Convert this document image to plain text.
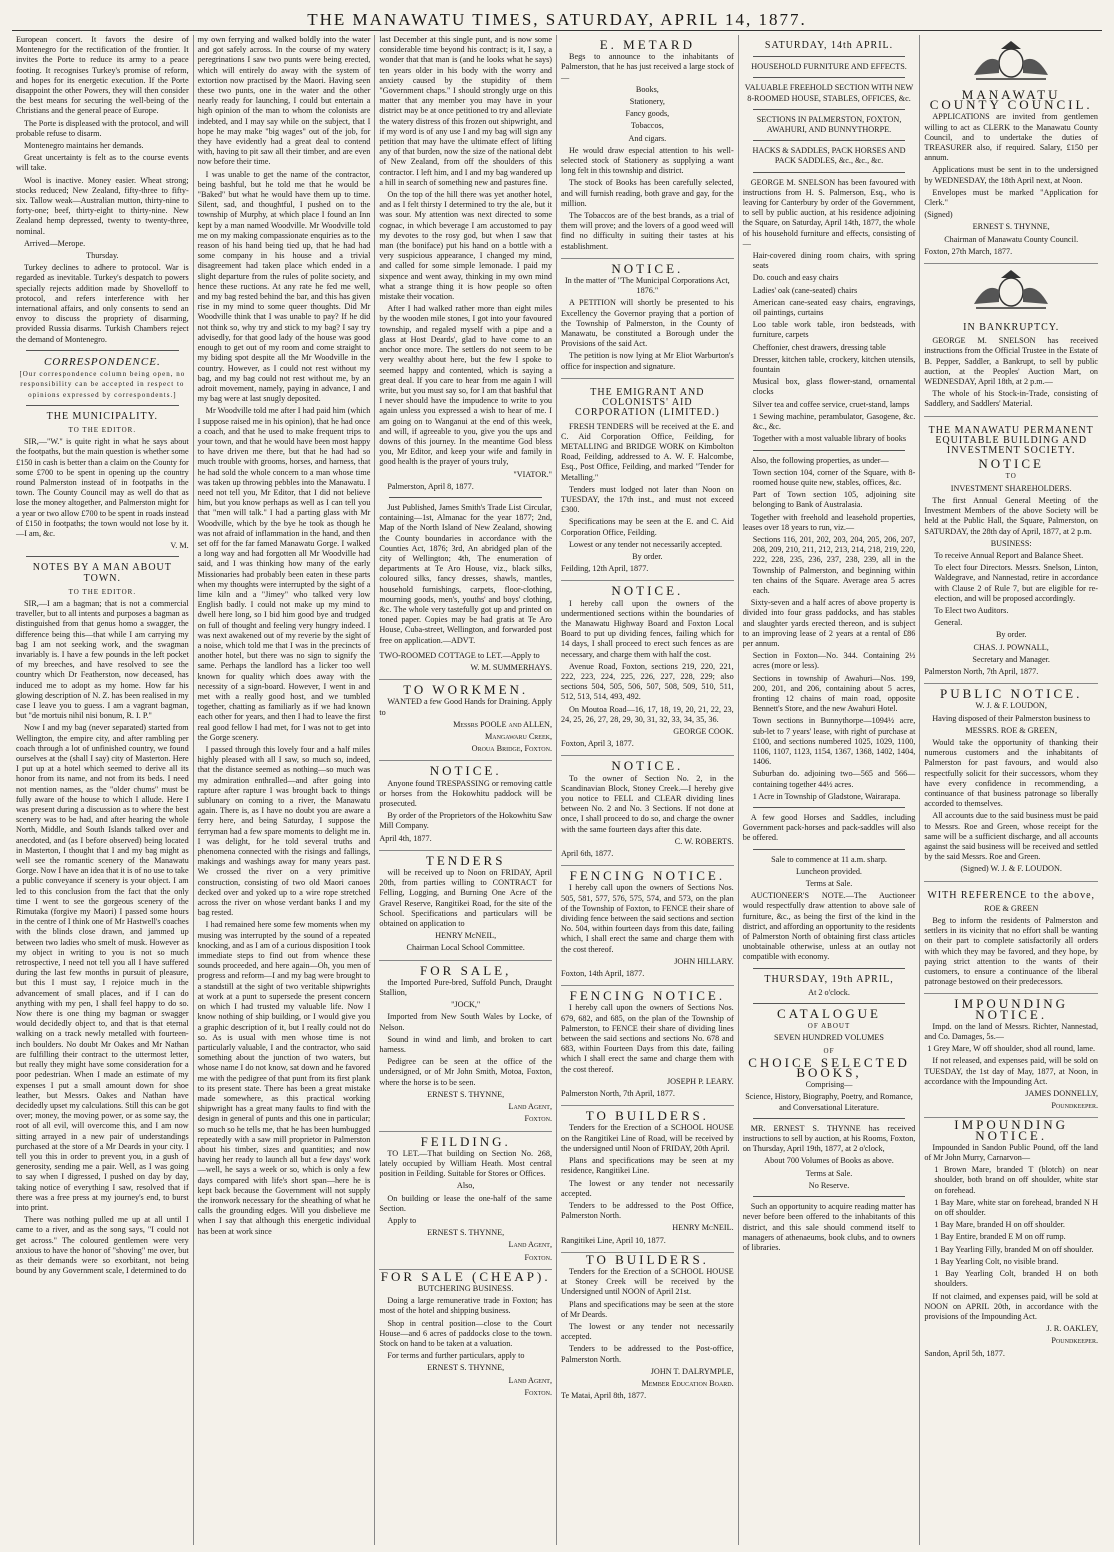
THE MANAWATU TIMES, SATURDAY, APRIL 14, 1877.

European concert. It favors the desire of Montenegro for the rectification of the frontier. It invites the Porte to reduce its army to a peace footing. It recognises Turkey's promise of reform, and hopes for its energetic execution. If the Porte disappoint the other Powers, they will then consider the best means for securing the well-being of the Christians and the general peace of Europe.

The Porte is displeased with the protocol, and will probable refuse to disarm.

Montenegro maintains her demands.

Great uncertainty is felt as to the course events will take.

Wool is inactive. Money easier. Wheat strong; stocks reduced; New Zealand, fifty-three to fifty-six. Tallow weak—Australian mutton, thirty-nine to forty-one; beef, thirty-eight to thirty-nine. New Zealand hemp depressed, twenty to twenty-three, nominal.

Arrived—Merope.

Thursday.

Turkey declines to adhere to protocol. War is regarded as inevitable. Turkey's despatch to powers specially rejects addition made by Shovelloff to protocol, and refers interference with her international affairs, and only consents to send an envoy to discuss the propriety of disarming, provided Russia disarms. Turkish Chambers reject the demand of Montenegro.

CORRESPONDENCE.

[Our correspondence column being open, no responsibility can be accepted in respect to opinions expressed by correspondents.]

THE MUNICIPALITY.

TO THE EDITOR.

SIR,—"W." is quite right in what he says about the footpaths, but the main question is whether some £150 in cash is better than a claim on the County for some £700 to be spent in opening up the country round Palmerston instead of in footpaths in the town. The County Council may as well do that as lose the money altogether, and Palmerston might for a year or two allow £700 to be spent in roads instead of £150 in footpaths; the town would not lose by it.—I am, &c.

V. M.

NOTES BY A MAN ABOUT TOWN.

TO THE EDITOR.

SIR,—I am a bagman; that is not a commercial traveller, but to all intents and purposes a bagman as distinguished from that genus homo a swagger, the difference being this—that while I am carrying my bag I am not seeking work, and the swagman invariably is. I have a few pounds in the left pocket of my breeches, and have resolved to see the country which Dr Featherston, now deceased, has induced me to adopt as my home. How far his glowing description of N. Z. has been realised in my case I leave you to guess. I am a vagrant bagman, but "de mortuis nihil nisi bonum, R. I. P."

Now I and my bag (never separated) started from Wellington, the empire city, and after rambling per coach through a lot of unfinished country, we found ourselves at the (shall I say) city of Masterton. Here I put up at a hotel which seemed to derive all its honor from its name, and not from its beds. I need not mention names, as the "older chums" must be fully aware of the house to which I allude. Here I was present during a discussion as to where the best scenery was to be had, and after hearing the whole North, Middle, and South Islands talked over and anecdoted, and (as I before observed) being located in Masterton, I thought that I and my bag might as well see the romantic scenery of the Manawatu Gorge. Now I have an idea that it is of no use to take a public conveyance if scenery is your object. I am led to this conclusion from the fact that the only time I went to see the gorgeous scenery of the Rimutaka (forgive my Maori) I passed some hours in the centre of I think one of Mr Hastwell's coaches with the blinds close drawn, and jammed up between two ladies who smelt of musk. However as my object in writing to you is not so much retrospective, I need not tell you all I have suffered during the last few months in pursuit of pleasure, but this I must say, I rejoice much in the advancement of small places, and if I can do anything with my pen, I shall feel happy to do so. Now there is one thing my bagman or swagger would decidedly object to, and that is that eternal walking on a track newly metalled with fourteen-inch boulders. No doubt Mr Oakes and Mr Nathan are fulfilling their contract to the uttermost letter, but really they might have some consideration for a poor pedestrian. When I made an estimate of my expenses I put a small amount down for shoe leather, but Messrs. Oakes and Nathan have decidedly upset my calculations. Still this can be got over; money, the moving power, or as some say, the root of all evil, will overcome this, and I am now sitting arrayed in a new pair of understandings purchased at the store of a Mr Deards in your city. I tell you this in order to prevent you, in a gush of generosity, sending me a pair. Well, as I was going to say when I digressed, I pushed on day by day, taking notice of everything I saw, resolved that if there was a free press at my journey's end, to burst into print.

There was nothing pulled me up at all until I came to a river, and as the song says, "I could not get across." The coloured gentlemen were very anxious to have the honor of "shoving" me over, but as their demands were so exorbitant, not being bound by any Government scale, I determined to do

my own ferrying and walked boldly into the water and got safely across. In the course of my watery peregrinations I saw two punts were being erected, which will entirely do away with the system of extortion now practised by the Maori. Having seen these two punts, one in the water and the other nearly ready for launching, I could but entertain a high opinion of the man to whom the colonists are indebted, and I may say while on the subject, that I hope he may make "big wages" out of the job, for they have evidently had a great deal to contend with, having to pit saw all their timber, and are even now before their time.

I was unable to get the name of the contractor, being bashful, but he told me that he would be "Baked" but what he would have them up to time. Silent, sad, and thoughtful, I pushed on to the township of Murphy, at which place I found an Inn kept by a man named Woodville. Mr Woodville told me on my making compassionate enquiries as to the reason of his hand being tied up, that he had had some company in his house and a trivial disagreement had taken place which ended in a slight departure from the rules of polite society, and hence these ructions. At any rate he fed me well, and my bag rested behind the bar, and this has given rise in my mind to some queer thoughts. Did Mr Woodville think that I was unable to pay? If he did not think so, why try and stick to my bag? I say try advisedly, for that good lady of the house was good enough to get out of my room and come straight to my biding spot despite all the Mr Woodville in the country. However, as I could not rest without my bag, and my bag could not rest without me, by an adroit movement, namely, paying in advance, I and my bag were at last snugly deposited.

Mr Woodville told me after I had paid him (which I suppose raised me in his opinion), that he had once a coach, and that he used to make frequent trips to your town, and that he would have been most happy to have driven me there, but that he had had so much trouble with grooms, horses, and harness, that he had sold the whole concern to a man whose time was taken up throwing pebbles into the Manawatu. I need not tell you, Mr Editor, that I did not believe him, but you know perhaps as well as I can tell you that "men will talk." I had a parting glass with Mr Woodville, which by the bye he took as though he was not afraid of inflammation in the hand, and then set off for the far famed Manawatu Gorge. I walked a long way and had forgotten all Mr Woodville had said, and I was thinking how many of the early Missionaries had probably been eaten in these parts when my thoughts were interrupted by the sight of a lime kiln and a "Jimey" who talked very low English badly. I could not make up my mind to dwell here long, so I bid him good bye and trudged on full of thought and feeling very hungry indeed. I was next awakened out of my reverie by the sight of a noise, which told me that I was in the precincts of another hotel, but there was no sign to signify the same. Perhaps the landlord has a licker too well known for quality which does away with the necessity of a sign-board. However, I went in and met with a really good host, and we tumbled together, chatting as familiarly as if we had known each other for years, and then I had to leave the first real good fellow I had met, for I was not to get into the Gorge scenery.

I passed through this lovely four and a half miles highly pleased with all I saw, so much so, indeed, that the distance seemed as nothing—so much was my admiration enthralled—and after going into rapture after rapture I was brought back to things sublunary on coming to a river, the Manawatu again. There is, as I have no doubt you are aware a ferry here, and being Saturday, I suppose the ferryman had a few spare moments to delight me in. I was delight, for he told several truths and phenomena connected with the risings and fallings, makings and washings away for many years past. We crossed the river on a very primitive construction, consisting of two old Maori canoes decked over and yoked up to a wire rope stretched across the river on whose verdant banks I and my bag rested.

I had remained here some few moments when my musing was interrupted by the sound of a repeated knocking, and as I am of a curious disposition I took immediate steps to find out from whence these sounds proceeded, and here again—Oh, you men of progress and reform—I and my bag were brought to a standstill at the sight of two veritable shipwrights at work at a punt to supersede the present concern on which I had trusted my valuable life. Now I know nothing of ship building, or I would give you a graphic description of it, but I really could not do so. As is usual with men whose time is not particularly valuable, I and the contractor, who said something about the junction of two waters, but whose name I do not know, sat down and he favored me with the pedigree of that punt from its first plank to its present state. There has been a great mistake made somewhere, as this practical working shipwright has a great many faults to find with the design in general of punts and this one in particular; so much so he tells me, that he has been humbugged repeatedly with a saw mill proprietor in Palmerston about his timber, sizes and quantities; and now having her ready to launch all but a few days' work—well, he says a week or so, which is only a few days compared with life's short span—here he is kept back because the Government will not supply the ironwork necessary for the sheathing of what he calls the grounding edges. Will you disbelieve me when I say that although this energetic individual has been at work since

last December at this single punt, and is now some considerable time beyond his contract; is it, I say, a wonder that that man is (and he looks what he says) ten years older in his body with the worry and anxiety caused by the stupidity of them "Government chaps." I should strongly urge on this matter that any member you may have in your district may be at once petitioned to try and alleviate the watery distress of this frozen out shipwright, and if my word is of any use I and my bag will sign any petition that may have the ultimate effect of lifting any of that burden, now the size of the national debt of New Zealand, from off the shoulders of this contractor. I left him, and I and my bag wandered up a hill in search of something new and pastures fine.

On the top of the hill there was yet another hotel, and as I felt thirsty I determined to try the ale, but it was sour. My attention was next directed to some cognac, in which beverage I am accustomed to pay my devotes to the rosy god, but when I saw that man (the boniface) put his hand on a bottle with a very suspicious appearance, I changed my mind, and called for some simple lemonade. I paid my sixpence and went away, thinking in my own mind what a strange thing it is how people so often mistake their vocation.

After I had walked rather more than eight miles by the wooden mile stones, I got into your favoured township, and regaled myself with a pipe and a glass at Host Deards', glad to have come to an anchor once more. The settlers do not seem to be very wealthy about here, but the few I spoke to seemed happy and contented, which is saying a great deal. If you care to hear from me again I will write, but you must say so, for I am that bashful that I never should have the impudence to write to you again unless you expressed a wish to hear of me. I am going on to Wanganui at the end of this week, and will, if agreeable to you, give you the ups and downs of this journey. In the meantime God bless you, Mr Editor, and keep your wife and family in good health is the prayer of yours truly,

"VIATOR."

Palmerston, April 8, 1877.

Just Published, James Smith's Trade List Circular, containing—1st, Almanac for the year 1877; 2nd, Map of the North Island of New Zealand, showing the County boundaries in accordance with the Counties Act, 1876; 3rd, An abridged plan of the city of Wellington; 4th, The enumeration of departments at Te Aro House, viz., black silks, coloured silks, fancy dresses, shawls, mantles, household furnishings, carpets, floor-clothing, mourning goods, men's, youths' and boys' clothing, &c. The whole very tastefully got up and printed on toned paper. Copies may be had gratis at Te Aro House, Cuba-street, Wellington, and forwarded post free on application.—ADVT.

TWO-ROOMED COTTAGE to LET.—Apply to

W. M. SUMMERHAYS.

TO WORKMEN.

WANTED a few Good Hands for Draining. Apply to

Messrs POOLE and ALLEN,

Mangawaru Creek,

Oroua Bridge, Foxton.

NOTICE.

Anyone found TRESPASSING or removing cattle or horses from the Hokowhitu paddock will be prosecuted.

By order of the Proprietors of the Hokowhitu Saw Mill Company.

April 4th, 1877.

TENDERS

will be received up to Noon on FRIDAY, April 20th, from parties willing to CONTRACT for Felling, Logging, and Burning One Acre of the Gravel Reserve, Rangitikei Road, for the site of the School. Specifications and particulars will be obtained on application to

HENRY McNEIL,

Chairman Local School Committee.

FOR SALE,

the Imported Pure-bred, Suffold Punch, Draught Stallion,

"JOCK,"

Imported from New South Wales by Locke, of Nelson.

Sound in wind and limb, and broken to cart harness.

Pedigree can be seen at the office of the undersigned, or of Mr John Smith, Motoa, Foxton, where the horse is to be seen.

ERNEST S. THYNNE,

Land Agent,

Foxton.

FEILDING.

TO LET.—That building on Section No. 268, lately occupied by William Heath. Most central position in Feilding. Suitable for Stores or Offices.

Also,

On building or lease the one-half of the same Section.

Apply to

ERNEST S. THYNNE,

Land Agent,

Foxton.

FOR SALE (CHEAP).

BUTCHERING BUSINESS.

Doing a large remunerative trade in Foxton; has most of the hotel and shipping business.

Shop in central position—close to the Court House—and 6 acres of paddocks close to the town. Stock on hand to be taken at a valuation.

For terms and further particulars, apply to

ERNEST S. THYNNE,

Land Agent,

Foxton.

E. METARD

Begs to announce to the inhabitants of Palmerston, that he has just received a large stock of—

Books,

Stationery,

Fancy goods,

Tobaccos,

And cigars.

He would draw especial attention to his well-selected stock of Stationery as supplying a want long felt in this township and district.

The stock of Books has been carefully selected, and will furnish reading, both grave and gay, for the million.

The Tobaccos are of the best brands, as a trial of them will prove; and the lovers of a good weed will find no difficulty in suiting their tastes at his establishment.

NOTICE.

In the matter of "The Municipal Corporations Act, 1876."

A PETITION will shortly be presented to his Excellency the Governor praying that a portion of the Township of Palmerston, in the County of Manawatu, be constituted a Borough under the Provisions of the said Act.

The petition is now lying at Mr Eliot Warburton's office for inspection and signature.

THE EMIGRANT AND COLONISTS' AID CORPORATION (LIMITED.)

FRESH TENDERS will be received at the E. and C. Aid Corporation Office, Feilding, for METALLING and BRIDGE WORK on Kimbolton Road, Feilding, addressed to A. W. F. Halcombe, Esq., Post Office, Feilding, and marked "Tender for Metalling."

Tenders must lodged not later than Noon on TUESDAY, the 17th inst., and must not exceed £300.

Specifications may be seen at the E. and C. Aid Corporation Office, Feilding.

Lowest or any tender not necessarily accepted.

By order.

Feilding, 12th April, 1877.

NOTICE.

I hereby call upon the owners of the undermentioned sections within the boundaries of the Manawatu Highway Board and Foxton Local Board to put up dividing fences, failing which for 14 days, I shall proceed to erect such fences as are necessary, and charge them with half the cost.

Avenue Road, Foxton, sections 219, 220, 221, 222, 223, 224, 225, 226, 227, 228, 229; also sections 504, 505, 506, 507, 508, 509, 510, 511, 512, 513, 514, 493, 492.

On Moutoa Road—16, 17, 18, 19, 20, 21, 22, 23, 24, 25, 26, 27, 28, 29, 30, 31, 32, 33, 34, 35, 36.

GEORGE COOK.

Foxton, April 3, 1877.

NOTICE.

To the owner of Section No. 2, in the Scandinavian Block, Stoney Creek.—I hereby give you notice to FELL and CLEAR dividing lines between No. 2 and No. 3 Sections. If not done at once, I shall proceed to do so, and charge the owner with the same fourteen days after this date.

C. W. ROBERTS.

April 6th, 1877.

FENCING NOTICE.

I hereby call upon the owners of Sections Nos. 505, 581, 577, 576, 575, 574, and 573, on the plan of the Township of Foxton, to FENCE their share of dividing fence between the said sections and section No. 504, within fourteen days from this date, failing which, I shall erect the same and charge them with the cost thereof.

JOHN HILLARY.

Foxton, 14th April, 1877.

FENCING NOTICE.

I hereby call upon the owners of Sections Nos. 679, 682, and 685, on the plan of the Township of Palmerston, to FENCE their share of dividing lines between the said sections and sections No. 678 and 683, within Fourteen Days from this date, failing which I shall erect the same and charge them with the cost thereof.

JOSEPH P. LEARY.

Palmerston North, 7th April, 1877.

TO BUILDERS.

Tenders for the Erection of a SCHOOL HOUSE on the Rangitikei Line of Road, will be received by the undersigned until Noon of FRIDAY, 20th April.

Plans and specifications may be seen at my residence, Rangitikei Line.

The lowest or any tender not necessarily accepted.

Tenders to be addressed to the Post Office, Palmerston North.

HENRY McNEIL.

Rangitikei Line, April 10, 1877.

TO BUILDERS.

Tenders for the Erection of a SCHOOL HOUSE at Stoney Creek will be received by the Undersigned until NOON of April 21st.

Plans and specifications may be seen at the store of Mr Deards.

The lowest or any tender not necessarily accepted.

Tenders to be addressed to the Post-office, Palmerston North.

JOHN T. DALRYMPLE,

Member Education Board.

Te Matai, April 8th, 1877.

SATURDAY, 14th APRIL.

HOUSEHOLD FURNITURE AND EFFECTS.

VALUABLE FREEHOLD SECTION WITH NEW 8-ROOMED HOUSE, STABLES, OFFICES, &c.

SECTIONS IN PALMERSTON, FOXTON, AWAHURI, AND BUNNYTHORPE.

HACKS & SADDLES, PACK HORSES AND PACK SADDLES, &c., &c., &c.

GEORGE M. SNELSON has been favoured with instructions from H. S. Palmerson, Esq., who is leaving for Canterbury by order of the Government, to sell by public auction, at his residence adjoining the Square, on Saturday, April 14th, 1877, the whole of his household furniture and effects, consisting of—

Hair-covered dining room chairs, with spring seats

Do. couch and easy chairs

Ladies' oak (cane-seated) chairs

American cane-seated easy chairs, engravings, oil paintings, curtains

Loo table work table, iron bedsteads, with furniture, carpets

Cheffonier, chest drawers, dressing table

Dresser, kitchen table, crockery, kitchen utensils, fountain

Musical box, glass flower-stand, ornamental clocks

Silver tea and coffee service, cruet-stand, lamps

1 Sewing machine, perambulator, Gasogene, &c. &c., &c.

Together with a most valuable library of books

Also, the following properties, as under—

Town section 104, corner of the Square, with 8-roomed house quite new, stables, offices, &c.

Part of Town section 105, adjoining site belonging to Bank of Australasia.

Together with freehold and leasehold properties, leases over 18 years to run, viz.—

Sections 116, 201, 202, 203, 204, 205, 206, 207, 208, 209, 210, 211, 212, 213, 214, 218, 219, 220, 222, 228, 235, 236, 237, 238, 239, all in the Township of Palmerston, and beginning within ten chains of the Square. Average area 5 acres each.

Sixty-seven and a half acres of above property is divided into four grass paddocks, and has stables and slaughter yards erected thereon, and is subject to an improving lease of 2 years at a rental of £86 per annum.

Section in Foxton—No. 344. Containing 2½ acres (more or less).

Sections in township of Awahuri—Nos. 199, 200, 201, and 206, containing about 5 acres, fronting 12 chains of main road, opposite Bennett's Store, and the new Awahuri Hotel.

Town sections in Bunnythorpe—1094½ acre, sub-let to 7 years' lease, with right of purchase at £100, and sections numbered 1025, 1029, 1100, 1106, 1107, 1123, 1154, 1367, 1368, 1402, 1404, 1406.

Suburban do. adjoining two—565 and 566—containing together 44½ acres.

1 Acre in Township of Gladstone, Wairarapa.

A few good Horses and Saddles, including Government pack-horses and pack-saddles will also be offered.

Sale to commence at 11 a.m. sharp.

Luncheon provided.

Terms at Sale.

AUCTIONEER'S NOTE.—The Auctioneer would respectfully draw attention to above sale of furniture, &c., as being the first of the kind in the district, and affording an opportunity to the residents of Palmerston North of obtaining first class articles unobtainable otherwise, unless at an outlay not compatible with economy.

THURSDAY, 19th APRIL,

At 2 o'clock.

CATALOGUE

OF ABOUT

SEVEN HUNDRED VOLUMES

OF

CHOICE SELECTED BOOKS,

Comprising—

Science, History, Biography, Poetry, and Romance, and Conversational Literature.

MR. ERNEST S. THYNNE has received instructions to sell by auction, at his Rooms, Foxton, on Thursday, April 19th, 1877, at 2 o'clock,

About 700 Volumes of Books as above.

Terms at Sale.

No Reserve.

Such an opportunity to acquire reading matter has never before been offered to the inhabitants of this district, and this sale should commend itself to managers of athenaeums, book clubs, and to owners of libraries.

MANAWATU COUNTY COUNCIL.

APPLICATIONS are invited from gentlemen willing to act as CLERK to the Manawatu County Council, and to undertake the duties of TREASURER also, if required. Salary, £150 per annum.

Applications must be sent in to the undersigned by WEDNESDAY, the 18th April next, at Noon.

Envelopes must be marked "Application for Clerk."

(Signed)

ERNEST S. THYNNE,

Chairman of Manawatu County Council.

Foxton, 27th March, 1877.

IN BANKRUPTCY.

GEORGE M. SNELSON has received instructions from the Official Trustee in the Estate of B. Pepper, Saddler, a Bankrupt, to sell by public auction, at the Peoples' Auction Mart, on WEDNESDAY, April 18th, at 2 p.m.—

The whole of his Stock-in-Trade, consisting of Saddlery, and Saddlers' Material.

THE MANAWATU PERMANENT EQUITABLE BUILDING AND INVESTMENT SOCIETY.

NOTICE

TO

INVESTMENT SHAREHOLDERS.

The first Annual General Meeting of the Investment Members of the above Society will be held at the Public Hall, the Square, Palmerston, on SATURDAY, the 28th day of April, 1877, at 2 p.m.

BUSINESS:

To receive Annual Report and Balance Sheet.

To elect four Directors. Messrs. Snelson, Linton, Waldegrave, and Nannestad, retire in accordance with Clause 2 of Rule 7, but are eligible for re-election, and will be proposed accordingly.

To Elect two Auditors.

General.

By order.

CHAS. J. POWNALL,

Secretary and Manager.

Palmerston North, 7th April, 1877.

PUBLIC NOTICE.

W. J. & F. LOUDON,

Having disposed of their Palmerston business to

MESSRS. ROE & GREEN,

Would take the opportunity of thanking their numerous customers and the inhabitants of Palmerston for past favours, and would also respectfully solicit for their successors, whom they have every confidence in recommending, a continuance of that business patronage so liberally accorded to themselves.

All accounts due to the said business must be paid to Messrs. Roe and Green, whose receipt for the same will be a sufficient discharge, and all accounts against the said business will be received and settled by the said Messrs. Roe and Green.

(Signed) W. J. & F. LOUDON.

WITH REFERENCE to the above,

ROE & GREEN

Beg to inform the residents of Palmerston and settlers in its vicinity that no effort shall be wanting on their part to complete satisfactorily all orders with which they may be favored, and they hope, by paying strict attention to the wants of their customers, to ensure a continuance of the liberal patronage bestowed on their predecessors.

IMPOUNDING NOTICE.

Impd. on the land of Messrs. Richter, Nannestad, and Co. Damages, 5s.—

1 Grey Mare, W off shoulder, shod all round, lame.

If not released, and expenses paid, will be sold on TUESDAY, the 1st day of May, 1877, at Noon, in accordance with the Impounding Act.

JAMES DONNELLY,

Poundkeeper.

IMPOUNDING NOTICE.

Impounded in Sandon Public Pound, off the land of Mr John Murry, Carnarvon—

1 Brown Mare, branded T (blotch) on near shoulder, both brand on off shoulder, white star on forehead.

1 Bay Mare, white star on forehead, branded N H on off shoulder.

1 Bay Mare, branded H on off shoulder.

1 Bay Entire, branded E M on off rump.

1 Bay Yearling Filly, branded M on off shoulder.

1 Bay Yearling Colt, no visible brand.

1 Bay Yearling Colt, branded H on both shoulders.

If not claimed, and expenses paid, will be sold at NOON on APRIL 20th, in accordance with the provisions of the Impounding Act.

J. R. OAKLEY,

Poundkeeper.

Sandon, April 5th, 1877.
